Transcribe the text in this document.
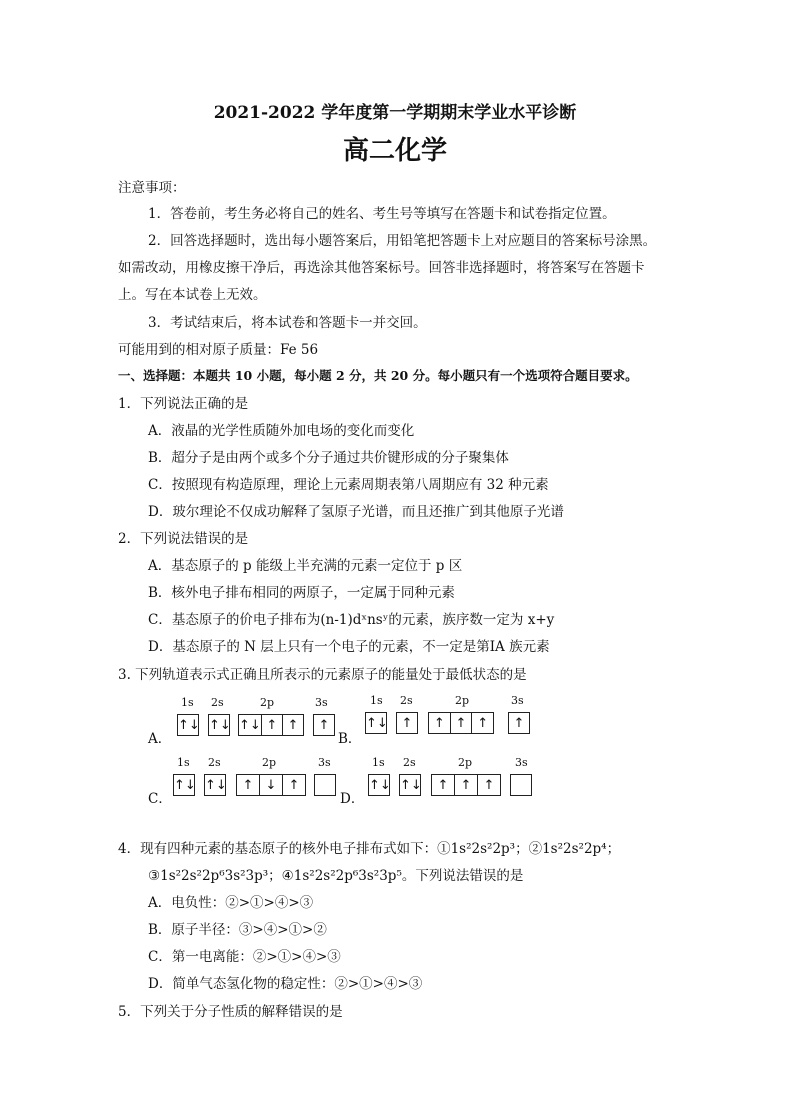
2021-2022 学年度第一学期期末学业水平诊断
高二化学
注意事项：
1．答卷前，考生务必将自己的姓名、考生号等填写在答题卡和试卷指定位置。
2．回答选择题时，选出每小题答案后，用铅笔把答题卡上对应题目的答案标号涂黑。
如需改动，用橡皮擦干净后，再选涂其他答案标号。回答非选择题时，将答案写在答题卡
上。写在本试卷上无效。
3．考试结束后，将本试卷和答题卡一并交回。
可能用到的相对原子质量：Fe 56
一、选择题：本题共 10 小题，每小题 2 分，共 20 分。每小题只有一个选项符合题目要求。
1．下列说法正确的是
A．液晶的光学性质随外加电场的变化而变化
B．超分子是由两个或多个分子通过共价键形成的分子聚集体
C．按照现有构造原理，理论上元素周期表第八周期应有 32 种元素
D．玻尔理论不仅成功解释了氢原子光谱，而且还推广到其他原子光谱
2．下列说法错误的是
A．基态原子的 p 能级上半充满的元素一定位于 p 区
B．核外电子排布相同的两原子，一定属于同种元素
C．基态原子的价电子排布为(n-1)dˣnsʸ的元素，族序数一定为 x+y
D．基态原子的 N 层上只有一个电子的元素，不一定是第ⅠA 族元素
3. 下列轨道表示式正确且所表示的元素原子的能量处于最低状态的是
A．
1s 2s	2p	3s
↑↓ ↑↓ ↑↓ ↑ ↑ ↑
B．
1s 2s	2p	3s
↑↓ ↑ ↑ ↑ ↑ ↑
C．
1s 2s	2p	3s
↑↓ ↑↓ ↑ ↓ ↑
D．
1s 2s	2p	3s
↑↓ ↑↓ ↑ ↑ ↑
4．现有四种元素的基态原子的核外电子排布式如下：①1s²2s²2p³；②1s²2s²2p⁴；
③1s²2s²2p⁶3s²3p³；④1s²2s²2p⁶3s²3p⁵。下列说法错误的是
A．电负性：②>①>④>③
B．原子半径：③>④>①>②
C．第一电离能：②>①>④>③
D．简单气态氢化物的稳定性：②>①>④>③
5．下列关于分子性质的解释错误的是
